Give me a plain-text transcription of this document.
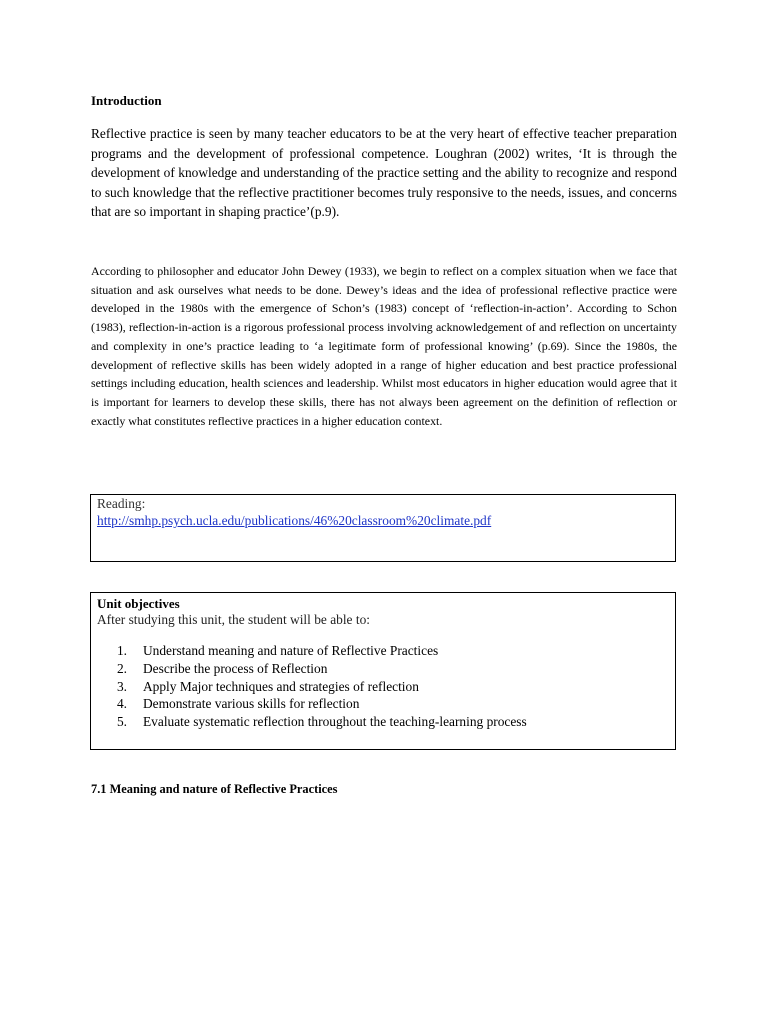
Introduction
Reflective practice is seen by many teacher educators to be at the very heart of effective teacher preparation programs and the development of professional competence. Loughran (2002) writes, ‘It is through the development of knowledge and understanding of the practice setting and the ability to recognize and respond to such knowledge that the reflective practitioner becomes truly responsive to the needs, issues, and concerns that are so important in shaping practice’(p.9).
According to philosopher and educator John Dewey (1933), we begin to reflect on a complex situation when we face that situation and ask ourselves what needs to be done. Dewey’s ideas and the idea of professional reflective practice were developed in the 1980s with the emergence of Schon’s (1983) concept of ‘reflection-in-action’. According to Schon (1983), reflection-in-action is a rigorous professional process involving acknowledgement of and reflection on uncertainty and complexity in one’s practice leading to ‘a legitimate form of professional knowing’ (p.69). Since the 1980s, the development of reflective skills has been widely adopted in a range of higher education and best practice professional settings including education, health sciences and leadership. Whilst most educators in higher education would agree that it is important for learners to develop these skills, there has not always been agreement on the definition of reflection or exactly what constitutes reflective practices in a higher education context.
Reading:
http://smhp.psych.ucla.edu/publications/46%20classroom%20climate.pdf
Unit objectives
After studying this unit, the student will be able to:
1.	Understand meaning and nature of Reflective Practices
2.	Describe the process of Reflection
3.	Apply Major techniques and strategies of reflection
4.	Demonstrate various skills for reflection
5.	Evaluate systematic reflection throughout the teaching-learning process
7.1 Meaning and nature of Reflective Practices
